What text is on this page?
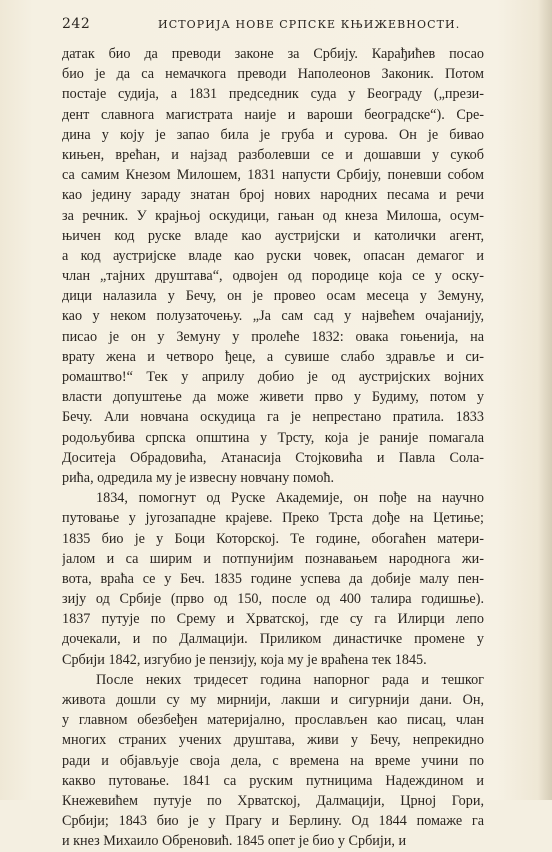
242	ИСТОРИЈА НОВЕ СРПСКЕ КЊИЖЕВНОСТИ.
датак био да преводи законе за Србију. Карађићев посао
био је да са немачкога преводи Наполеонов Законик. Потом
постаје судија, а 1831 председник суда у Београду („прези-
дент славнога магистрата наије и вароши београдске“). Сре-
дина у коју је запао била је груба и сурова. Он је бивао
кињен, врећан, и најзад разболевши се и дошавши у сукоб
са самим Кнезом Милошем, 1831 напусти Србију, поневши собом
као једину зараду знатан број нових народних песама и речи
за речник. У крајњој оскудици, гањан од кнеза Милоша, осум-
њичен код руске владе као аустријски и католички агент,
а код аустријске владе као руски човек, опасан демагог и
члан „тајних друштава“, одвојен од породице која се у оску-
дици налазила у Бечу, он је провео осам месеца у Земуну,
као у неком полузаточењу. „Ја сам сад у највећем очајанију,
писао је он у Земуну у пролеће 1832: овака гоњенија, на
врату жена и четворо ђеце, а сувише слабо здравље и си-
ромаштво!“ Тек у априлу добио је од аустријских војних
власти допуштење да може живети прво у Будиму, потом у
Бечу. Али новчана оскудица га је непрестано пратила. 1833
родољубива српска општина у Трсту, која је раније помагала
Доситеја Обрадовића, Атанасија Стојковића и Павла Сола-
рића, одредила му је извесну новчану помоћ.
1834, помогнут од Руске Академије, он пође на научно
путовање у југозападне крајеве. Преко Трста дође на Цетиње;
1835 био је у Боци Которској. Те године, обогаћен матери-
јалом и са ширим и потпунијим познавањем народнога жи-
вота, враћа се у Беч. 1835 године успева да добије малу пен-
зију од Србије (прво од 150, после од 400 талира годишње).
1837 путује по Срему и Хрватској, где су га Илирци лепо
дочекали, и по Далмацији. Приликом династичке промене у
Србији 1842, изгубио је пензију, која му је враћена тек 1845.
После неких тридесет година напорног рада и тешког
живота дошли су му мирнији, лакши и сигурнији дани. Он,
у главном обезбеђен материјално, прослављен као писац, члан
многих страних учених друштава, живи у Бечу, непрекидно
ради и објављује своја дела, с времена на време учини по
какво путовање. 1841 са руским путницима Надеждином и
Кнежевићем путује по Хрватској, Далмацији, Црној Гори,
Србији; 1843 био је у Прагу и Берлину. Од 1844 помаже га
и кнез Михаило Обреновић. 1845 опет је био у Србији, и
